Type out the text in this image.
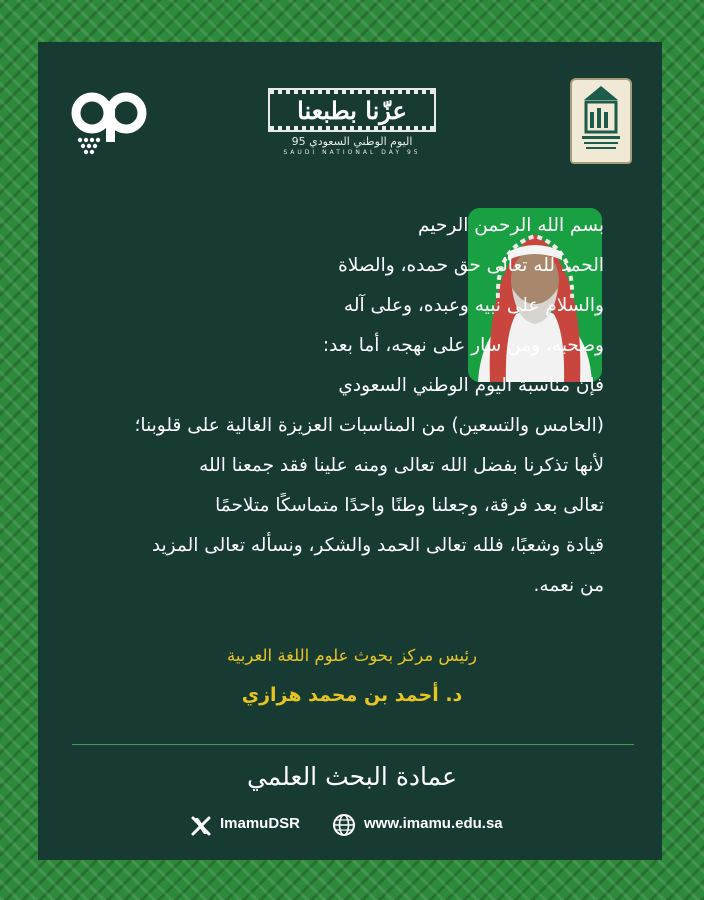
عزّنا بطبعنا
اليوم الوطني السعودي 95
SAUDI NATIONAL DAY 95
بسم الله الرحمن الرحيم
الحمد لله تعالى حق حمده، والصلاة
والسلام على نبيه وعبده، وعلى آله
وصحبه، ومن سار على نهجه، أما بعد:
فإن مناسبة اليوم الوطني السعودي
(الخامس والتسعين) من المناسبات العزيزة الغالية على قلوبنا؛
لأنها تذكرنا بفضل الله تعالى ومنه علينا فقد جمعنا الله
تعالى بعد فرقة، وجعلنا وطنًا واحدًا متماسكًا متلاحمًا
قيادة وشعبًا، فلله تعالى الحمد والشكر، ونسأله تعالى المزيد
من نعمه.
رئيس مركز بحوث علوم اللغة العربية
د. أحمد بن محمد هزازي
عمادة البحث العلمي
ImamuDSR	www.imamu.edu.sa
